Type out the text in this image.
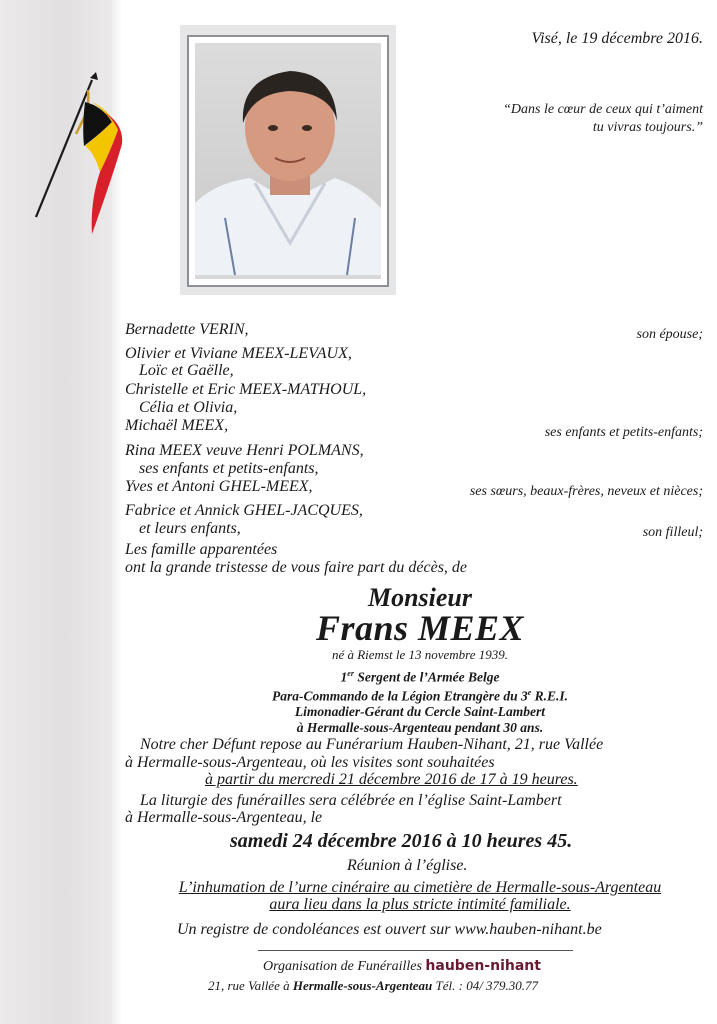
Visé, le 19 décembre 2016.
“Dans le cœur de ceux qui t’aiment
tu vivras toujours.”
Bernadette VERIN,
Olivier et Viviane MEEX-LEVAUX,
Loïc et Gaëlle,
Christelle et Eric MEEX-MATHOUL,
Célia et Olivia,
Michaël MEEX,
Rina MEEX veuve Henri POLMANS,
ses enfants et petits-enfants,
Yves et Antoni GHEL-MEEX,
Fabrice et Annick GHEL-JACQUES,
et leurs enfants,
Les famille apparentées
ont la grande tristesse de vous faire part du décès, de
son épouse;
ses enfants et petits-enfants;
ses sœurs, beaux-frères, neveux et nièces;
son filleul;
Monsieur
Frans MEEX
né à Riemst le 13 novembre 1939.
1er Sergent de l’Armée Belge
Para-Commando de la Légion Etrangère du 3e R.E.I.
Limonadier-Gérant du Cercle Saint-Lambert
à Hermalle-sous-Argenteau pendant 30 ans.
Notre cher Défunt repose au Funérarium Hauben-Nihant, 21, rue Vallée
à Hermalle-sous-Argenteau, où les visites sont souhaitées
à partir du mercredi 21 décembre 2016 de 17 à 19 heures.
La liturgie des funérailles sera célébrée en l’église Saint-Lambert
à Hermalle-sous-Argenteau, le
samedi 24 décembre 2016 à 10 heures 45.
Réunion à l’église.
L’inhumation de l’urne cinéraire au cimetière de Hermalle-sous-Argenteau
aura lieu dans la plus stricte intimité familiale.
Un registre de condoléances est ouvert sur www.hauben-nihant.be
Organisation de Funérailles hauben-nihant
21, rue Vallée à Hermalle-sous-Argenteau Tél. : 04/ 379.30.77
